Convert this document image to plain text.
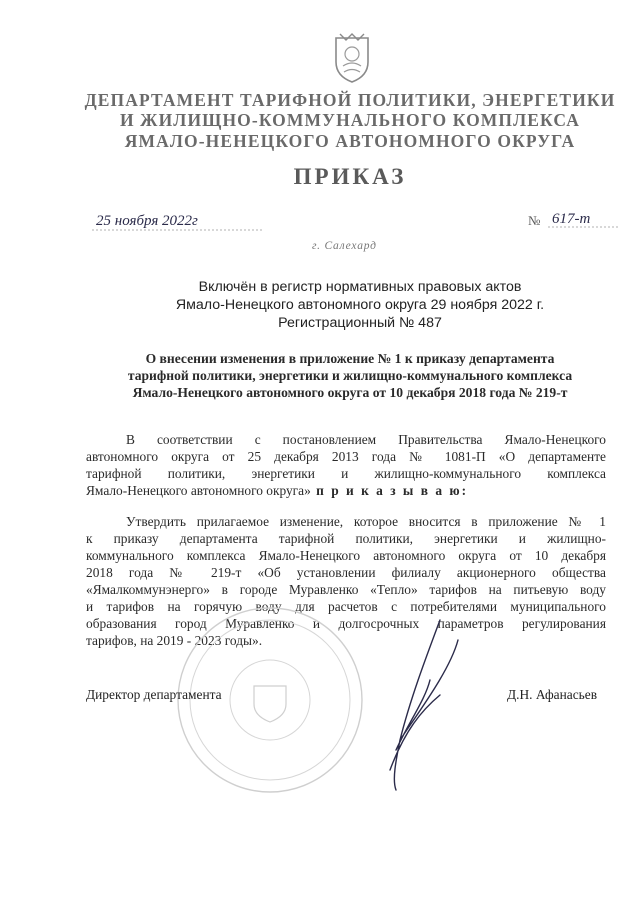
ДЕПАРТАМЕНТ ТАРИФНОЙ ПОЛИТИКИ, ЭНЕРГЕТИКИ
И ЖИЛИЩНО-КОММУНАЛЬНОГО КОМПЛЕКСА
ЯМАЛО-НЕНЕЦКОГО АВТОНОМНОГО ОКРУГА
ПРИКАЗ
25 ноября 2022г	№ 617-т
г. Салехард
Включён в регистр нормативных правовых актов
Ямало-Ненецкого автономного округа 29 ноября 2022 г.
Регистрационный № 487
О внесении изменения в приложение № 1 к приказу департамента
тарифной политики, энергетики и жилищно-коммунального комплекса
Ямало-Ненецкого автономного округа от 10 декабря 2018 года № 219-т
В соответствии с постановлением Правительства Ямало-Ненецкого
автономного округа от 25 декабря 2013 года № 1081-П «О департаменте
тарифной политики, энергетики и жилищно-коммунального комплекса
Ямало-Ненецкого автономного округа» п р и к а з ы в а ю:
Утвердить прилагаемое изменение, которое вносится в приложение № 1
к приказу департамента тарифной политики, энергетики и жилищно-
коммунального комплекса Ямало-Ненецкого автономного округа от 10 декабря
2018 года № 219-т «Об установлении филиалу акционерного общества
«Ямалкоммунэнерго» в городе Муравленко «Тепло» тарифов на питьевую воду
и тарифов на горячую воду для расчетов с потребителями муниципального
образования город Муравленко и долгосрочных параметров регулирования
тарифов, на 2019 - 2023 годы».
Директор департамента	Д.Н. Афанасьев
